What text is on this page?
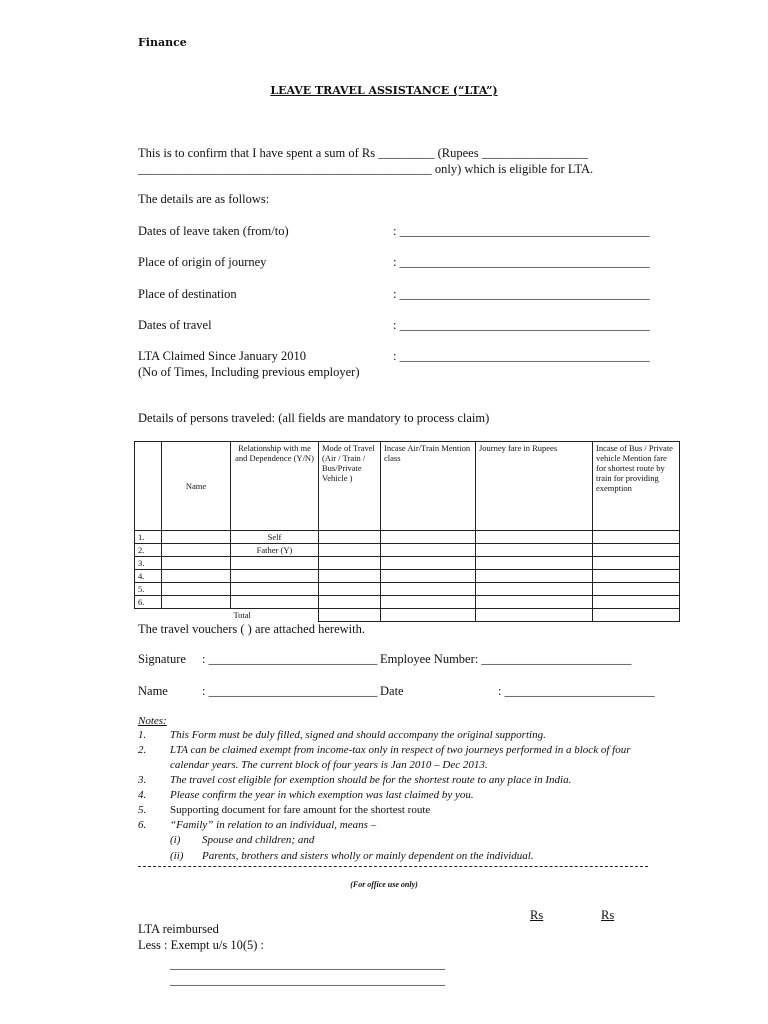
Finance
LEAVE TRAVEL ASSISTANCE (“LTA”)
This is to confirm that I have spent a sum of Rs _________ (Rupees _________________
_______________________________________________ only) which is eligible for LTA.
The details are as follows:
Dates of leave taken (from/to)	: ________________________________________
Place of origin of journey	: ________________________________________
Place of destination	: ________________________________________
Dates of travel	: ________________________________________
LTA Claimed Since January 2010
(No of Times, Including previous employer)
: ________________________________________
Details of persons traveled: (all fields are mandatory to process claim)
	Name	Relationship with me and Dependence (Y/N)	Mode of Travel (Air / Train / Bus/Private Vehicle )	Incase Air/Train Mention class	Journey fare in Rupees	Incase of Bus / Private vehicle Mention fare for shortest route by train for providing exemption
1.		Self				
2.		Father (Y)				
3.						
4.						
5.						
6.						
		Total				
The travel vouchers ( ) are attached herewith.
Signature : ___________________________ Employee Number: ________________________
Name	: ___________________________ Date	: ________________________
Notes:
1. This Form must be duly filled, signed and should accompany the original supporting.
2. LTA can be claimed exempt from income-tax only in respect of two journeys performed in a block of four
calendar years. The current block of four years is Jan 2010 – Dec 2013.
3. The travel cost eligible for exemption should be for the shortest route to any place in India.
4. Please confirm the year in which exemption was last claimed by you.
5. Supporting document for fare amount for the shortest route
6. “Family” in relation to an individual, means –
(i) Spouse and children; and
(ii) Parents, brothers and sisters wholly or mainly dependent on the individual.
(For office use only)
Rs	Rs
LTA reimbursed
Less : Exempt u/s 10(5) :
____________________________________________
____________________________________________
